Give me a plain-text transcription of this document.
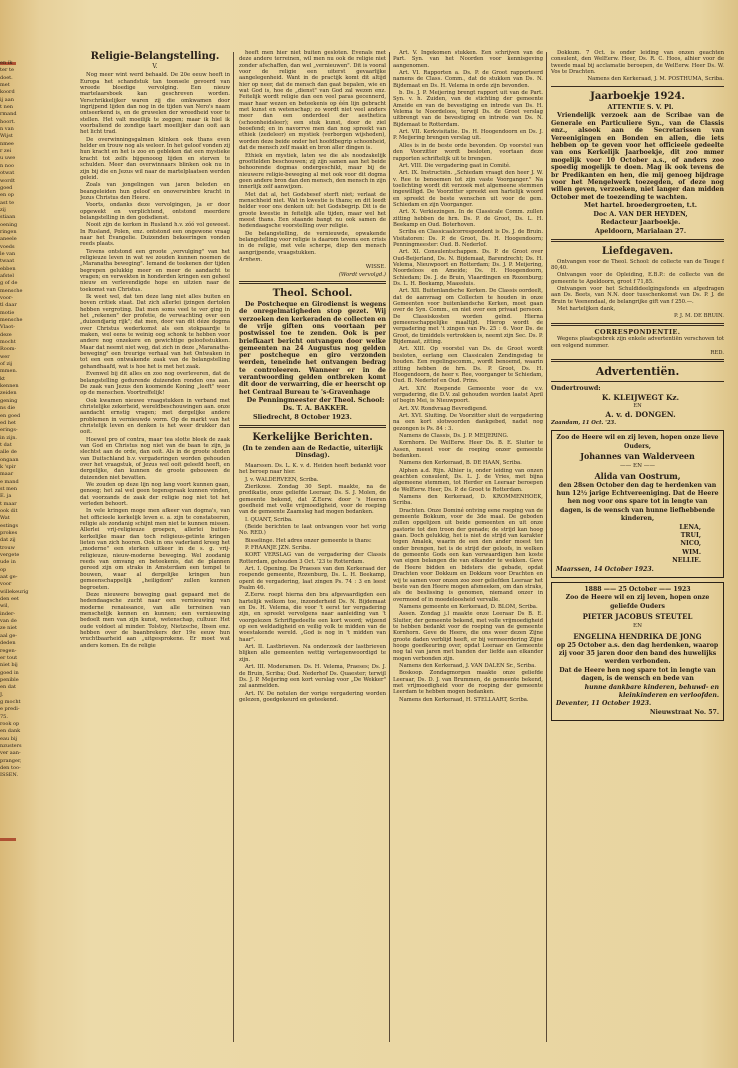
en ik

ter te

doet.

met

koord

ij aan

t nen

rmand

hoort.

n van

Wijst

nmee

r zei

u uwe

n noo

otwat

wordt

goed

en op

ast te

zij

stiaan

oening

ringen

aneele

voeds

le van

twaat

ebben

afstel

g of de

mensche

voor-

tl daar

motie

mensche

Vlaot-

deze

mocht

Room-

wer

of zij

mmen.

kt

kennen

zeiden

gening

ns die

en goed

ed het

erings-

in zijn.

t dat

alle de

ongaan

k 'spir

maar

e mand

st men

E. ja

t maar

ook dit

Wat

estings

prokes

dat zij

trouw

vergete

ude in

op

aat ge-

voor

willekeurig

den eet

wil,

inder-

van de

ze niet

aal ge-

deden

regen-

er tout

niet bij

goed in

penible

en dat

J.

g mocht

e predi-

75.

rook op

en dank

eau bij

nzusters

ver aan-

pranger,

den too-

ISSEN.

Religie-Belangstelling.
V.

Nog meer wint werd behaald. De 20e eeuw heeft in Europa het schandstuk tan toonsele gevoerd van wreede bloedige vervolging. Een nieuw martelaarsboek kan geschreven worden. Verschrikkelijker waren zij die omkwamen door ingrijpend lijden dan nog in de tijden van Nero's naam ontseerkend is, en de gruwelen der wreedheid voor te stellen. Het valt moeilijk te zeggen; maar ik hiel ik voorbaliend de zondige taart moeilijker dan ooit aan het licht trad.

De overwinningsgalmen klinken ook thans even helder en trouw nog als weleer. In het geloof vonden zij hun kracht en het is zoo en gebleken dat een mystieke kracht tot zelfs bijgenooog lijden en sterven te schulden. Meer dan overwinnaars blinken ook nu in zijn bij die en Jezus wil naar de martelplaatsen werden geleid.

Zoals van jongelingen van jaren beleden en beangeleiden hun geloof en onoverwinbre kracht in Jezus Christus den Heere.

Voorts, ondanks deze vervolgingen, ja er door opgewekt en verplichtend, ontstond meerdere belangstelling in den godsdienst.

Nooit zijn de kerken in Rusland h.v. zóó vol geweest. In Rusland, Polen, enz. ontstond een ongewone vraag naar het Evangelie. Duizenden bekeeringen vonden reeds plaats.

Tevens ontstond een groote „vervulging" van het religieuze leven in wat we zouden kunnen noemen de „Maranatha beweging". Iemand de teekenen der tijden begrepen gelukkig meer en meer de aandacht te vragen; en verwekten in honderden kringen een geheel nieuw en verlevendigde hope en uitzien naar de toekomst van Christus.

Ik weet wel, dat ten deze lang niet alles buiten en boven critiek staat. Dat zich allerlei ijzingen dertolen hebben vergroting. Dat men soms veel te ver ging in het „rekenen" der profetie, de verwachting over een „duizendjarig rijk"; dat men, door van dit déze dogma over Christus wederkomst als een stokpaardje te maken, wel eens te weinig oog schonk te hebben voor andere nog onzekere en gewichtige geloofsstukken. Maar dat neemt niet weg, dat zich in deze „Maranatha-beweging" een treurige verhaal van het Ontwaken in tot een een ontwakende zaak van de belangstelling gehandhaafd, wat is hoe het is met het zaak.

Evenwel bij dit alles en zoo nog overleveren, dat de belangstelling gedurende duizenden ronden ons aan. De zaak van Jezus den koomende Koning „leeft" weer op de menschen. Voortreffelijk!

Ook kwamen nieuwe vraagstukken in verband met christelijke zekerheid, wereldbeschouwingen aan. onze aandacht ernstig vragen; met dergelijke andere problemen in vernieuwde vorm. Op de markt van het christelijk leven en denken is het weer drukker dan ooit.

Hoewel pro of contra, maar tea slotte bleek de zaak van God en Christus nog niet van de baan te zijn, ja slechtst aan de orde, dan ooit. Als in de groote steden van Duitschland b.v. vergaderingen worden gehouden over het vraagstuk, of Jezus wel ooit geleefd heeft, en dergelijke, dan kunnen de groote gebouwen de duizenden niet bevatten.

We zouden op deze lijn nog lang voort kunnen gaan, genoeg; het zal wel geen tegenspraak kunnen vinden, dat voorzands de zaak der religie nog niet tot het verleden behoort.

In vele kringen moge men afkeer van dogma's, van het officieele kerkelijk leven e. a. zijn te constateeren, religie als zondanig schijnt men niet te kunnen missen. Allerlei vrij-religieuze groepen, allerlei buiten-kerkelijke maar dan toch religieus-getinte kringen lieten van zich hooren. Ook in ons vaderland kreeg het „moderne" een sterken uitkeer in de s. g. vrij-religieuze, nieuw-moderne beweging. Wel zoodanig reeds van omvang en beteekenis, dat de plannen gereed zijn om straks in Amsterdam een tempel te bouwen, waar al dergelijke kringen hun gemeenschappelijk „heiligdom" zullen kunnen begroeten.

Deze nieuwere beweging gaat gepaard met de hedendaagsche zucht naar een vernieuwing van moderne renaissance, van alle terreinen van menschelijk kennen en kunnen; een vernieuwing bedoelt men van zijn kunst, wetenschap, cultuur. Het oude voldoet al minder. Tolstoy, Nietzsche, Ibsen enz. hebben over de baanbrekers der 19e eeuw hun vruchtbaarheid aan „uitgesprokene. Er moet wat anders komen. En de religie

heeft men hier niet buiten gesloten. Evenals met deze andere terreinen, wil men nu ook de religie niet zonder afschaffen, dan wel „vernieuwen". Dit is vooral voor de religie een uiterst gevaarlijke aangelegenheid. Want in de practijk komt dit altijd hier op neer, dat de mensch dan gaat bepalen, wie en wat God is, hoe de „dienst" van God zal wezen enz. Feitelijk wordt religie dan een veel paras gecennerd, maar haar wezen en beteekenis op één lijn gebracht met kunst en wetenschap; zo wordt niet veel anders meer dan een onderdeel der aesthetica (schoonheidsleer); een stuk kunst, door de ziel beoefend; en in navorrve men dan nog spreekt van ethiek (zedeleer) en mystiek (verborgen wijsheden), worden deze beide onder het hoofdbegrip schoonheid, dat de mensch zelf maakt en bron aller dingen is.

Ethiek en mystiek, laten we die als noodzakelijk groottelden beschouwen; zij zijn samen aan het beide behoorende dogmas ondergeschikt, maar bij de nieuwere religie-beweging al met ook voor dit dogma geen andere bron dan den mensch, den mensch in zijn innerlijk zelf aanwijzen.

Met dat al, het Godsbesef sterft niet; verlaat de menschheid niet. Wat in kwestie is thans; en dit leedt helder voor ons denken uit: het Godsbegrip. Dit is de groote kwestie in feitelijk alle tijden, maar wel het meest thans. Een staande bangt nu ook samen de hedendaagsche voorstelling over religie.

De belangstelling, de vernieuwde, opwakende belangstelling voor religie is daarom tevens een crisis in de religie, met vele scherpe, diep den mensch aangrijpende, vraagstukken.

Arnhem.

WISSE.

(Wordt vervolgd.)

Theol. School.

De Postcheque en Girodienst is wegens de onregelmatigheden stop gezet. Wij verzoeken den kerkeraden de collecten en de vrije giften ons voortaan per postwissel toe te zenden. Ook is per briefkaart bericht ontvangen door welke gemeenten na 24 Augustus nog gelden per postcheque en giro verzonden werden, teneinde het ontvangen bedrag te controleeren. Wanneer er in de verantwoording gelden ontbreken komt dit door de verwarring, die er heerscht op het Centraal Bureau te 's-Gravenhage

De Penningmeester der Theol. School:

Ds. T. A. BAKKER.

Sliedrecht, 8 October 1923.

Kerkelijke Berichten.
(In te zenden aan de Redactie, uiterlijk Dinsdag).

Maarssen. Ds. L. K. v. d. Heiden heeft bedankt voor het beroep naar hier.

J. v. WALDERVEEN, Scriba.

Zierikzee. Zondag 30 Sept. maakte, na de predikatie, onze geliefde Leeraar, Ds. S. J. Molen, de gemeente bekend, dat Z.Eerw. door 's Heeren goedheid met volle vrijmoedigheid, voor de roeping van de gemeente Zaamslag had mogen bedanken.

I. QUANT, Scriba.

(Beide berichten te laat ontvangen voor het vorig No. RED.)

Bisselinge. Het adres onzer gemeente is thans:

P. FRAANJE JZN. Scriba.

KORT VERSLAG van de vergadering der Classis Rotterdam, gehouden 3 Oct. '23 te Rotterdam.

Art. I. Opening. De Praeses van den Kerkeraad der roepende gemeente, Rozenburg, Ds. L. H. Beekamp, opent de vergadering, laat zingen Ps. 74 : 3 en leest Psalm 46.

Z.Eerw. roept hierna den bra afgevaardigden een hartelijk welkom toe, inzonderheid Ds. N. Bijdemaat en Ds. H. Velema, die voor 't eerst ter vergadering zijn, en spreekt vervolgens naar aanleiding van 't voorgelezen Schriftgedeelte een kort woord; wijzend op een weldadigheid en veilig volk te midden van de woestakende wereld. „God is nog in 't midden van haar".

Art. II. Lastbrieven. Na onderzoek der lastbrieven blijken alle gemeenten wettig vertegenwoordigd te zijn.

Art. III. Moderamen. Ds. H. Velema, Praeses; Ds. J. de Bruin, Scriba; Oud. Nederhof Ds. Quaester; terwijl Ds. J. P. Meijering een kort verslag voor „De Wekker" zal aanmelden.

Art. IV. De notulen der vorige vergadering worden gelezen, goedgekeurd en geteekend.

Art. V. Ingekomen stukken. Een schrijven van de Part. Syn. van het Noorden voor kennisgeving aangenomen.

Art. VI. Rapporten a. Ds. P. de Groot rapporteerd namens de Class. Comm., dat de stukken van Ds. N. Bijdemaat en Ds. H. Velema in orde zijn bevonden.

b. Ds. J. P. Meijering brengt rapport uit van de Part. Syn. v. h. Zuiden, van de stichting der gemeente Ameide en van de bevestiging en intrede van Ds. H. Velema te Noordeloos, terwijl Ds. de Groot verslag uitbrengt van de bevestiging en intrede van Ds. N. Bijdemaat te Rotterdam.

Art. VII. Kerkvisitatie. Ds. H. Hoogendoorn en Ds. J. P. Meijering brengen verslag uit.

Alles is in de beste orde bevonden. Op voorstel van den Voorzitter wordt besloten, voortaan deze rapporten schriftelijk uit te brengen.

Art. VIII. Die vergadering gaat in Comité.

Art. IX. Instructiën. „Schiedam vraagt den heer J. W. v. Ree te benoemen tot zijn vaste Voorganger." Na toelichting wordt dit verzoek met algemeene stemmen ingewilligd. De Voorzitter spreekt een hartelijk woord en spreekt de beste wenschen uit voor de gem. Schiedam en zijn Voorganger.

Art. X. Verkiezingen. In de Classicale Comm. zullen zitting hebben de hrn. Ds. P. de Groot, Ds. L. H. Beekamp en Oud. Boterhoven.

Scriba en Classicaalcorrespondent is Ds. J. de Bruin. Visitatoren: Ds. P. de Groot, Ds. H. Hoogendoorn; Penningmeester: Oud. B. Nederlof.

Art. XI. Consulentschappen. Ds. P. de Groot over Oud-Beijerland, Ds. N. Bijdemaat, Barendrecht; Ds. H. Velema, Nieuwpoort en Rotterdam; Ds. J. P. Meijering, Noordeloos en Ameide; Ds. H. Hoogendoorn, Schiedam; Ds. J. de Bruin, Vlaardingen en Rozenburg; Ds. L. H. Beekamp, Maassluis.

Art. XII. Buitenlandsche Kerken. De Classis oordeelt, dat de aanvraag om Collecten te houden in onze Gemeenten voor buitenlandsche Kerken, moet gaan over de Syn. Comm., en niet over een privaat persoon. De Classiskosten worden geïnd. Hierna gemeenschappelijke maaltijd. Hierop wordt de vergadering met 't zingen van Ps. 25 : 6. Voor Ds. de Groot, de timiddels vertrokken is, neemt zijn Sec. Ds. P. Bijdemaat, zitting.

Art. XIII. Op voorstel van Ds. de Groot wordt besloten, eerlang een Classicalen Zendingsdag te houden. Een regelingscomm., wordt benoemd, waarin zitting hebben de hrn. Ds. P. Groot, Ds. H. Hoogendoorn, de heer v. Ree, voorganger te Schiedam, Oud. B. Nederlof en Oud. Prins.

Art. XIV. Roepende Gemeente voor de v.v. vergadering, die D.V. zal gehouden worden laatst April of begin Mei, is Nieuwpoort.

Art. XV. Rondvraag Bevredigend.

Art. XVI. Sluiting. De Voorzitter sluit de vergadering na een kort slotwoorden dankgebed, nadat nog gezongen is Ps. 84 : 3.

Namens de Classis, Ds. J. P. MEIJERING.

Kornhorn. De WelEerw. Heer Ds. B. E. Sluiter te Assen, meest voor de roeping onzer gemeente bedanken.

Namens den Kerkeraad, B. DE HAAN, Scriba.

Alphen a.d. Rijn. Alhier is, onder leiding van onzen geachten consulent, Ds. L. J. de Vries, met bijna algemeene stemmen, tot Herder en Leeraar beroepen de WelEerw. Heer, Ds. P. de Groot te Rotterdam.

Namens den Kerkeraad, D. KROMMENHOEK, Scriba.

Drachten. Onze Dominé ontving eene roeping van de gemeente Bokkum, voor de 3de maal. De geboden zullen opgelijzen uit beide gemeenten en uit onze pastorie tot den troon der genade; de strijd kan hoog gaan. Doch gelukkig, het is niet de strijd van karakter tegen Amalek, waarin de een den ander moest ten onder brengen, het is de strijd der geloofs, in welken de gemeente Gods een kan verwaardigen hen koste van eigen belangen die van elkander te wekken. Geve de Heere bidden en bidsters die gebade, opdat Drachten voor Dokkum en Dokkum voor Drachten en wij te samen voor onzen zoo zeer geliefden Leeraar het beste van den Heere mogen afsmeeken, om dan straks, als de beslissing is genomen, niemand onzer in overmood of in moedeloosheid vervalle.

Namens gemeente en Kerkeraad, D. BLOM, Scriba.

Assen. Zondag j.l maakte onze Leeraar Ds B. E. Sluiter, der gemeente bekend, met volle vrijmoedigheid te hebben bedankt voor de roeping van de gemeente Kornhorn. Geve de Heere, die ons weer dezen Zijne groote daden verblijd heeft, er bij vermeerdering Zijne hooge goedkeuring over, opdat Leeraar en Gemeente nog tal van jaren met banden der liefde aan elkander mogen verbonden zijn.

Namens den Kerkeraad, J. VAN DALEN Sr., Scriba.

Boskoop. Zondagmorgen maakte onze geliefde Leeraar, Ds. D. J. van Brummen, de gemeente bekend, met vrijmoedigheid voor de roeping der gemeente Leerdam te hebben mogen bedanken.

Namens den Kerkeraad, H. STELLAART, Scriba.

Dokkum. 7 Oct. is onder leiding van onzen geachten consulent, den WelEerw. Heer, Ds. R. C. Hoos, alhier voor de tweede maal bij acclamatie beroepen, de WelEerw. Heer Ds. W. Vos te Drachten.

Namens den Kerkeraad, J. M. POSTHUMA, Scriba.

Jaarboekje 1924.

ATTENTIE S. V. Pl.

Vriendelijk verzoek aan de Scribae van de Generale en Particuliere Syn., van de Classis enz., alsook aan de Secretarissen van Vereenigingen en Bonden en allen, die iets hebben op te geven voor het officieele gedeelte van ons Kerkelijk Jaarboekje, dit zoo mmer mogelijk voor 10 October a.s., of anders zoo spoedig mogelijk te doen. Mag ik ook tevens de br Predikanten en hen, die mij genoeg bijdrage voor het Mengelwerk toezegden, of deze nog willen geven, verzoeken, niet langer dan midden October met de toezending te wachten.

Met hartel. broedergroeten, t.t.

Doc A. VAN DER HEYDEN,

Redacteur Jaarboekje.

Apeldoorn, Marialaan 27.

Liefdegaven.

Ontvangen voor de Theol. School: de collecte van de Teuge f 80,40.

Ontvangen voor de Opleiding, E.B.P.: de collecte van de gemeente te Apeldoorn, groot f 71,85.

Ontvangen voor het Schuldideelgingsfonds en afgedragen aan Ds. Beets, van N.N. door tusschenkomst van Ds. P. J. de Bruin te Veenendaal, de belangrijke gift van f 250.—.

Met hartelijken dank,

P. J. M. DE BRUIN.

CORRESPONDENTIE.

Wegens plaatsgebrek zijn enkele advertentiën verschoven tot een volgend nummer.

RED.

Advertentiën.

Ondertrouwd:

K. KLEIJWEGT Kz.

EN

A. v. d. DONGEN.

Zaandam, 11 Oct. '23.

Zoo de Heere wil en zij leven, hopen onze lieve Ouders,
Johannes van Walderveen
—— EN ——
Alida van Oostrum,
den 28sen October den dag te herdenken van hun 12½ jarige Echtvereeniging. Dat de Heere hen nog voor ons spare tot in lengte van dagen, is de wensch van hunne liefhebbende kinderen,
LENA,
TRUI,
NICO,
WIM.
NELLIE.
Maarssen, 14 October 1923.
1888 —— 25 October —— 1923
Zoo de Heere wil en zij leven, hopen onze geliefde Ouders
PIETER JACOBUS STEUTEL
EN
ENGELINA HENDRIKA DE JONG
op 25 October a.s. den dag herdenken, waarop zij voor 35 jaren door den band des huwelijks werden verbonden.
Dat de Heere hen nog spare tot in lengte van dagen, is de wensch en bede van
hunne dankbare kinderen, behuwd- en kleinkinderen en verloofden.
Deventer, 11 October 1923.
Nieuwstraat No. 57.
